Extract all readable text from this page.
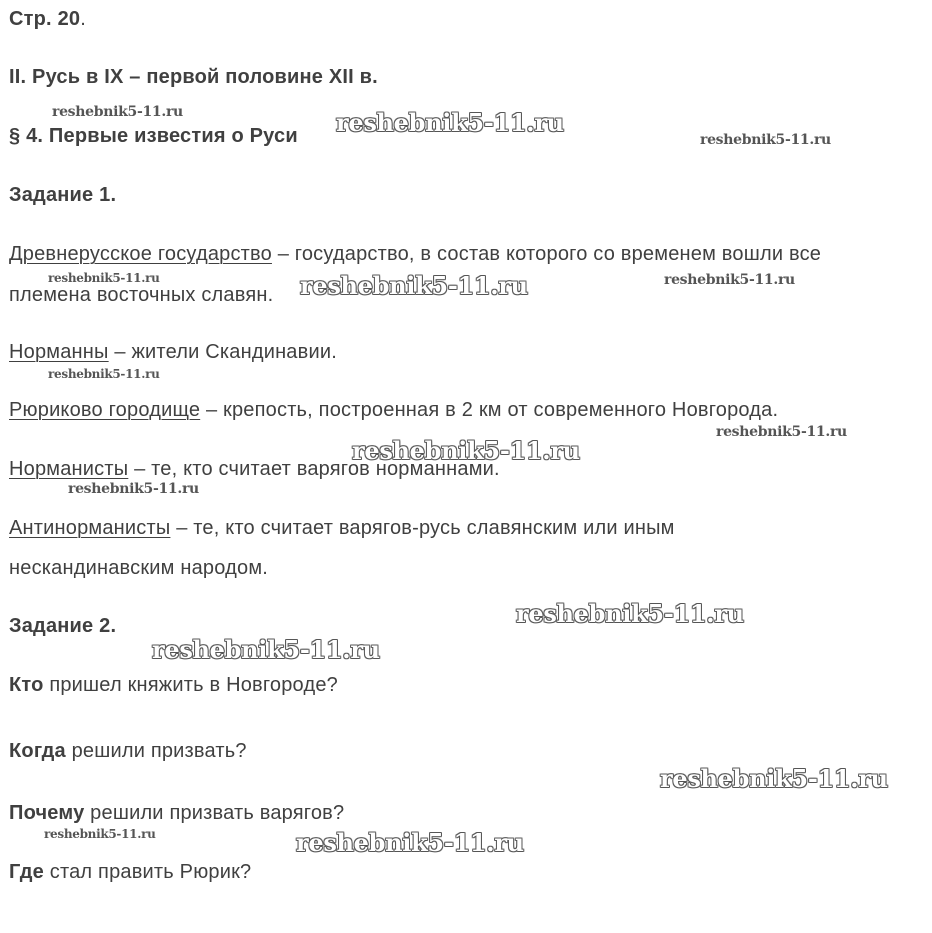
Стр. 20.
II. Русь в IX – первой половине XII в.
§ 4. Первые известия о Руси
Задание 1.
Древнерусское государство – государство, в состав которого со временем вошли все
племена восточных славян.
Норманны – жители Скандинавии.
Рюриково городище – крепость, построенная в 2 км от современного Новгорода.
Норманисты – те, кто считает варягов норманнами.
Антинорманисты – те, кто считает варягов-русь славянским или иным
нескандинавским народом.
Задание 2.
Кто пришел княжить в Новгороде?
Когда решили призвать?
Почему решили призвать варягов?
Где стал править Рюрик?
reshebnik5-11.ru	reshebnik5-11.ru
reshebnik5-11.ru
reshebnik5-11.ru	reshebnik5-11.ru	reshebnik5-11.ru
reshebnik5-11.ru
reshebnik5-11.ru
reshebnik5-11.ru
reshebnik5-11.ru
reshebnik5-11.ru
reshebnik5-11.ru
reshebnik5-11.ru
reshebnik5-11.ru	reshebnik5-11.ru
